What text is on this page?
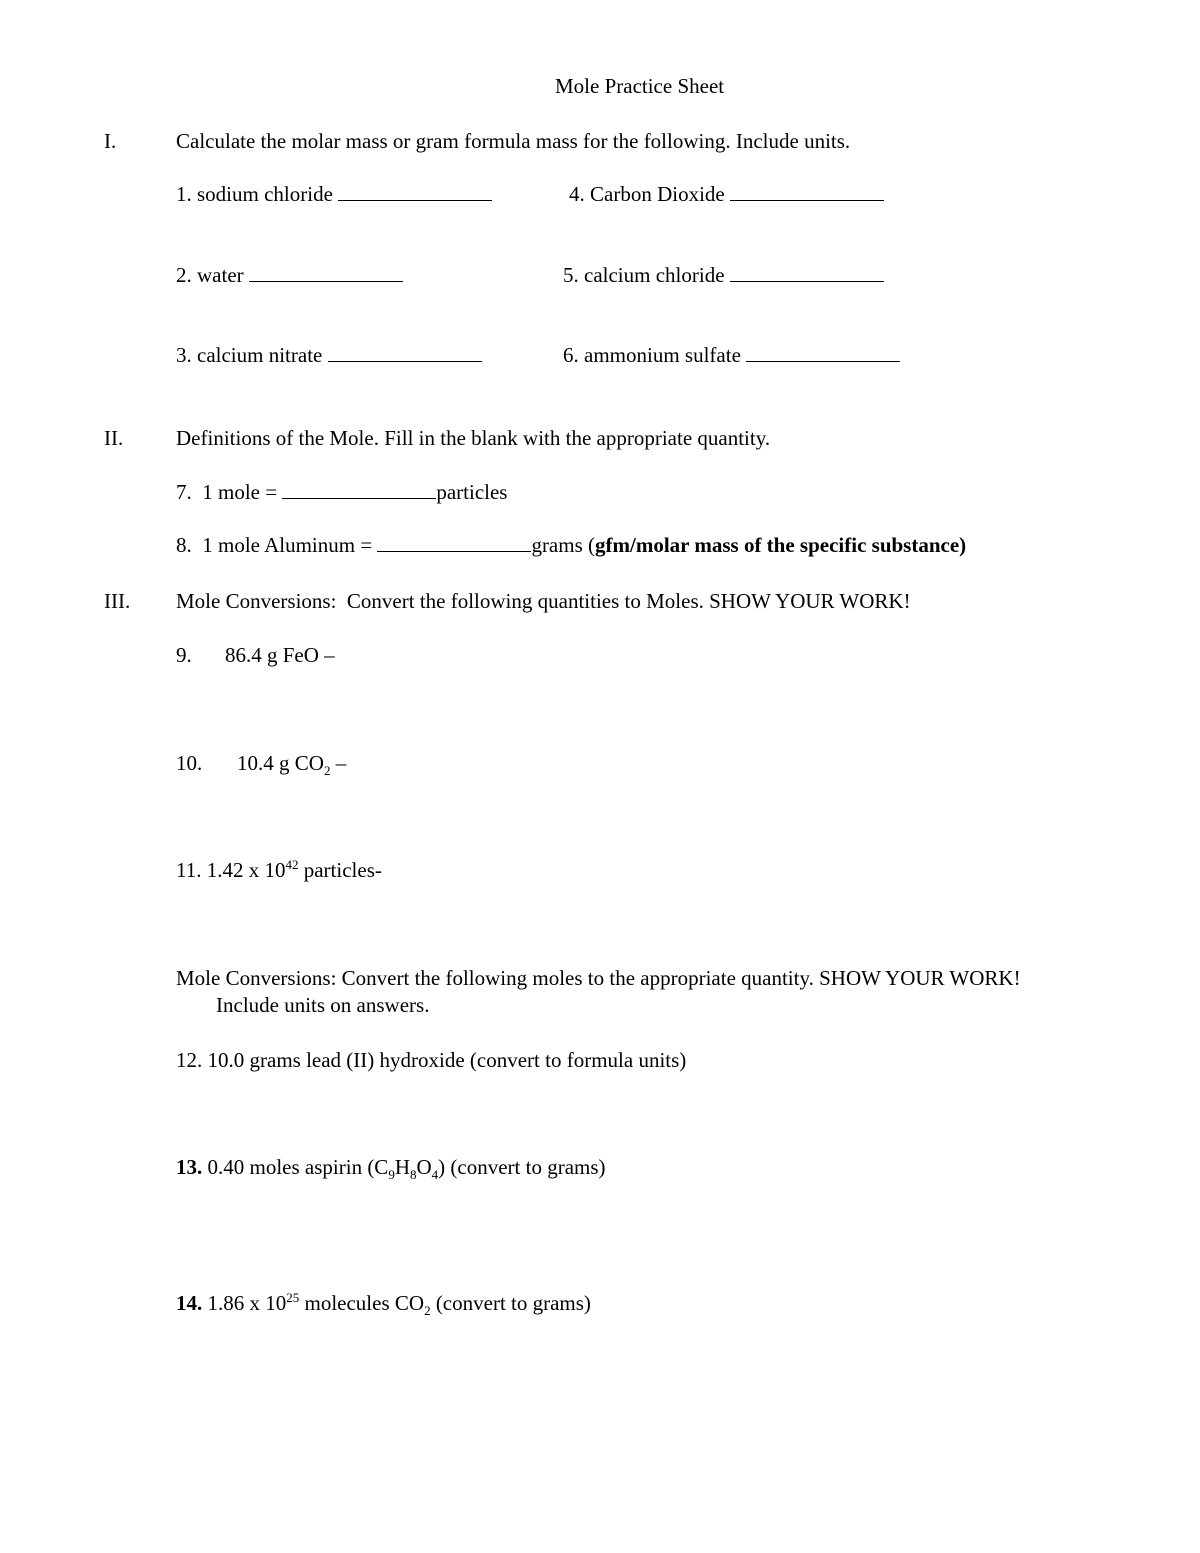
Mole Practice Sheet
I.	Calculate the molar mass or gram formula mass for the following. Include units.
1. sodium chloride	4. Carbon Dioxide
2. water	5. calcium chloride
3. calcium nitrate	6. ammonium sulfate
II.	Definitions of the Mole. Fill in the blank with the appropriate quantity.
7.  1 mole =	particles
8.  1 mole Aluminum =	grams (gfm/molar mass of the specific substance)
III. Mole Conversions:  Convert the following quantities to Moles. SHOW YOUR WORK!
9. 86.4 g FeO –
10. 10.4 g $CO_2$ –
11. 1.42 x $10^{42}$ particles-
Mole Conversions: Convert the following moles to the appropriate quantity. SHOW YOUR WORK!
Include units on answers.
12. 10.0 grams lead (II) hydroxide (convert to formula units)
13. 0.40 moles aspirin $(C_9H_8O_4)$ (convert to grams)
14. 1.86 x $10^{25}$ molecules $CO_2$ (convert to grams)
